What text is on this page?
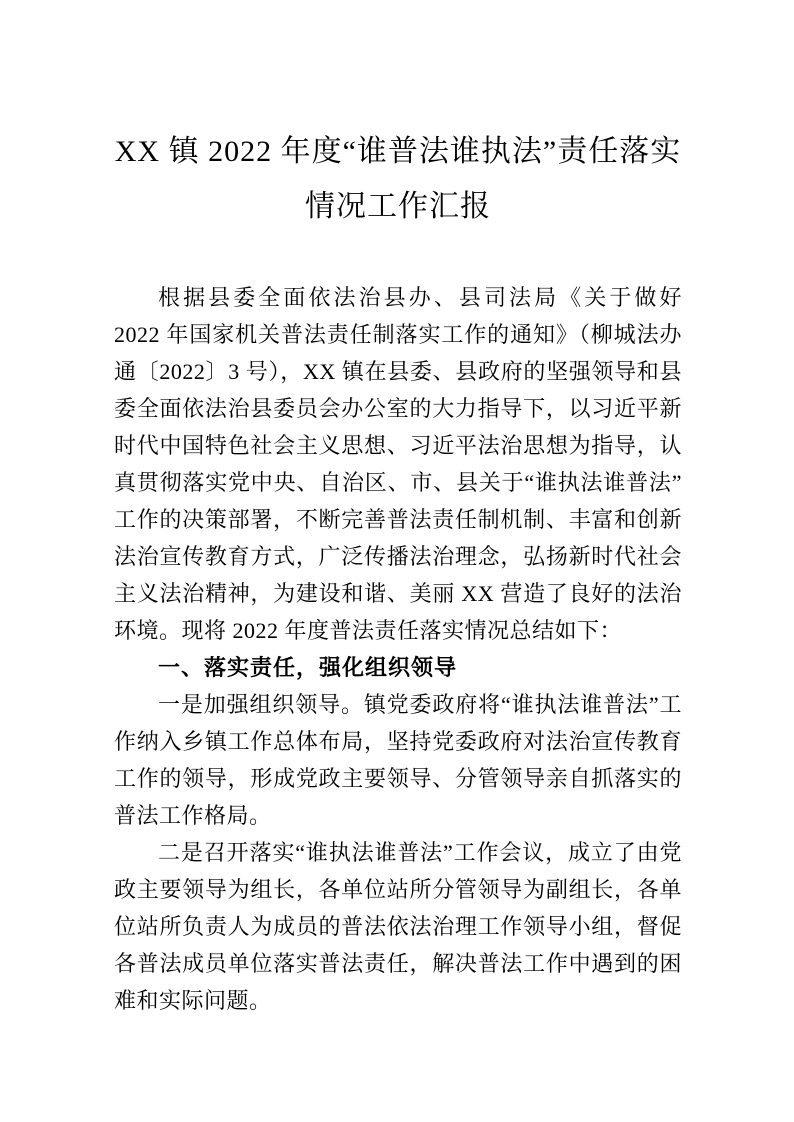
XX 镇 2022 年度“谁普法谁执法”责任落实情况工作汇报

根据县委全面依法治县办、县司法局《关于做好 2022 年国家机关普法责任制落实工作的通知》（柳城法办通〔2022〕3 号），XX 镇在县委、县政府的坚强领导和县委全面依法治县委员会办公室的大力指导下，以习近平新时代中国特色社会主义思想、习近平法治思想为指导，认真贯彻落实党中央、自治区、市、县关于“谁执法谁普法”工作的决策部署，不断完善普法责任制机制、丰富和创新法治宣传教育方式，广泛传播法治理念，弘扬新时代社会主义法治精神，为建设和谐、美丽 XX 营造了良好的法治环境。现将 2022 年度普法责任落实情况总结如下：

一、落实责任，强化组织领导

一是加强组织领导。镇党委政府将“谁执法谁普法”工作纳入乡镇工作总体布局，坚持党委政府对法治宣传教育工作的领导，形成党政主要领导、分管领导亲自抓落实的普法工作格局。

二是召开落实“谁执法谁普法”工作会议，成立了由党政主要领导为组长，各单位站所分管领导为副组长，各单位站所负责人为成员的普法依法治理工作领导小组，督促各普法成员单位落实普法责任，解决普法工作中遇到的困难和实际问题。
